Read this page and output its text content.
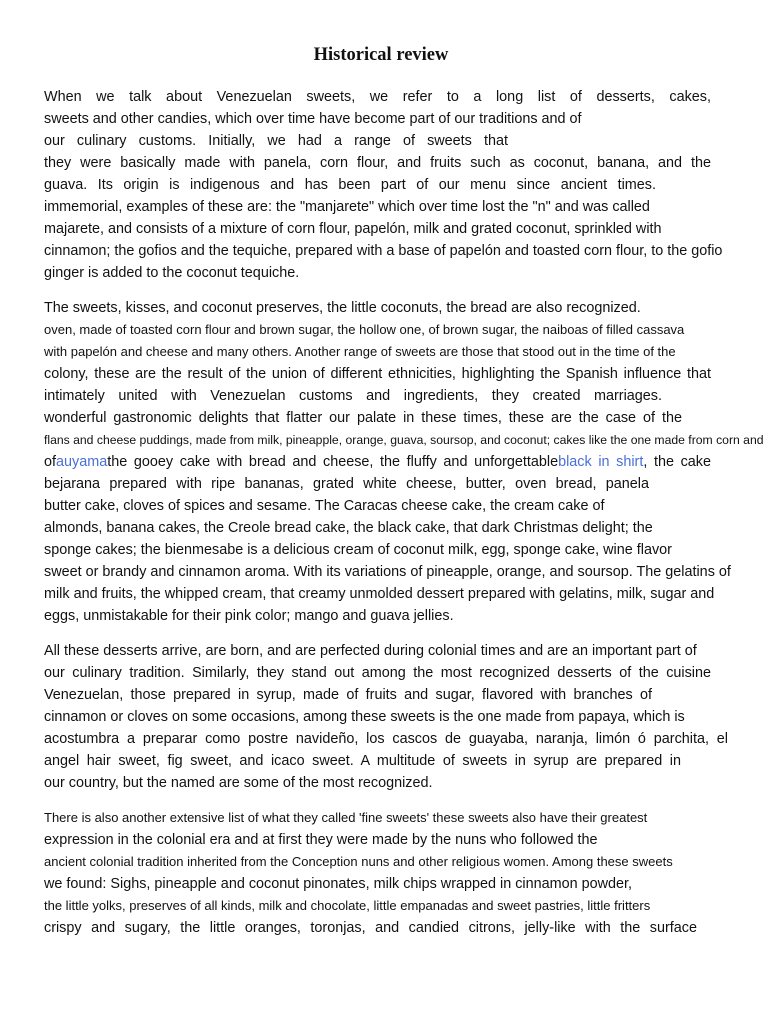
Historical review
When we talk about Venezuelan sweets, we refer to a long list of desserts, cakes,
sweets and other candies, which over time have become part of our traditions and of
our culinary customs. Initially, we had a range of sweets that
they were basically made with panela, corn flour, and fruits such as coconut, banana, and the
guava. Its origin is indigenous and has been part of our menu since ancient times.
immemorial, examples of these are: the "manjarete" which over time lost the "n" and was called
majarete, and consists of a mixture of corn flour, papelón, milk and grated coconut, sprinkled with
cinnamon; the gofios and the tequiche, prepared with a base of papelón and toasted corn flour, to the gofio
ginger is added to the coconut tequiche.
The sweets, kisses, and coconut preserves, the little coconuts, the bread are also recognized.
oven, made of toasted corn flour and brown sugar, the hollow one, of brown sugar, the naiboas of filled cassava
with papelón and cheese and many others. Another range of sweets are those that stood out in the time of the
colony, these are the result of the union of different ethnicities, highlighting the Spanish influence that
intimately united with Venezuelan customs and ingredients, they created marriages.
wonderful gastronomic delights that flatter our palate in these times, these are the case of the
flans and cheese puddings, made from milk, pineapple, orange, guava, soursop, and coconut; cakes like the one made from corn and
ofauyamathe gooey cake with bread and cheese, the fluffy and unforgettableblack in shirt, the cake
bejarana prepared with ripe bananas, grated white cheese, butter, oven bread, panela
butter cake, cloves of spices and sesame. The Caracas cheese cake, the cream cake of
almonds, banana cakes, the Creole bread cake, the black cake, that dark Christmas delight; the
sponge cakes; the bienmesabe is a delicious cream of coconut milk, egg, sponge cake, wine flavor
sweet or brandy and cinnamon aroma. With its variations of pineapple, orange, and soursop. The gelatins of
milk and fruits, the whipped cream, that creamy unmolded dessert prepared with gelatins, milk, sugar and
eggs, unmistakable for their pink color; mango and guava jellies.
All these desserts arrive, are born, and are perfected during colonial times and are an important part of
our culinary tradition. Similarly, they stand out among the most recognized desserts of the cuisine
Venezuelan, those prepared in syrup, made of fruits and sugar, flavored with branches of
cinnamon or cloves on some occasions, among these sweets is the one made from papaya, which is
acostumbra a preparar como postre navideño, los cascos de guayaba, naranja, limón ó parchita, el
angel hair sweet, fig sweet, and icaco sweet. A multitude of sweets in syrup are prepared in
our country, but the named are some of the most recognized.
There is also another extensive list of what they called 'fine sweets' these sweets also have their greatest
expression in the colonial era and at first they were made by the nuns who followed the
ancient colonial tradition inherited from the Conception nuns and other religious women. Among these sweets
we found: Sighs, pineapple and coconut pinonates, milk chips wrapped in cinnamon powder,
the little yolks, preserves of all kinds, milk and chocolate, little empanadas and sweet pastries, little fritters
crispy and sugary, the little oranges, toronjas, and candied citrons, jelly-like with the surface
